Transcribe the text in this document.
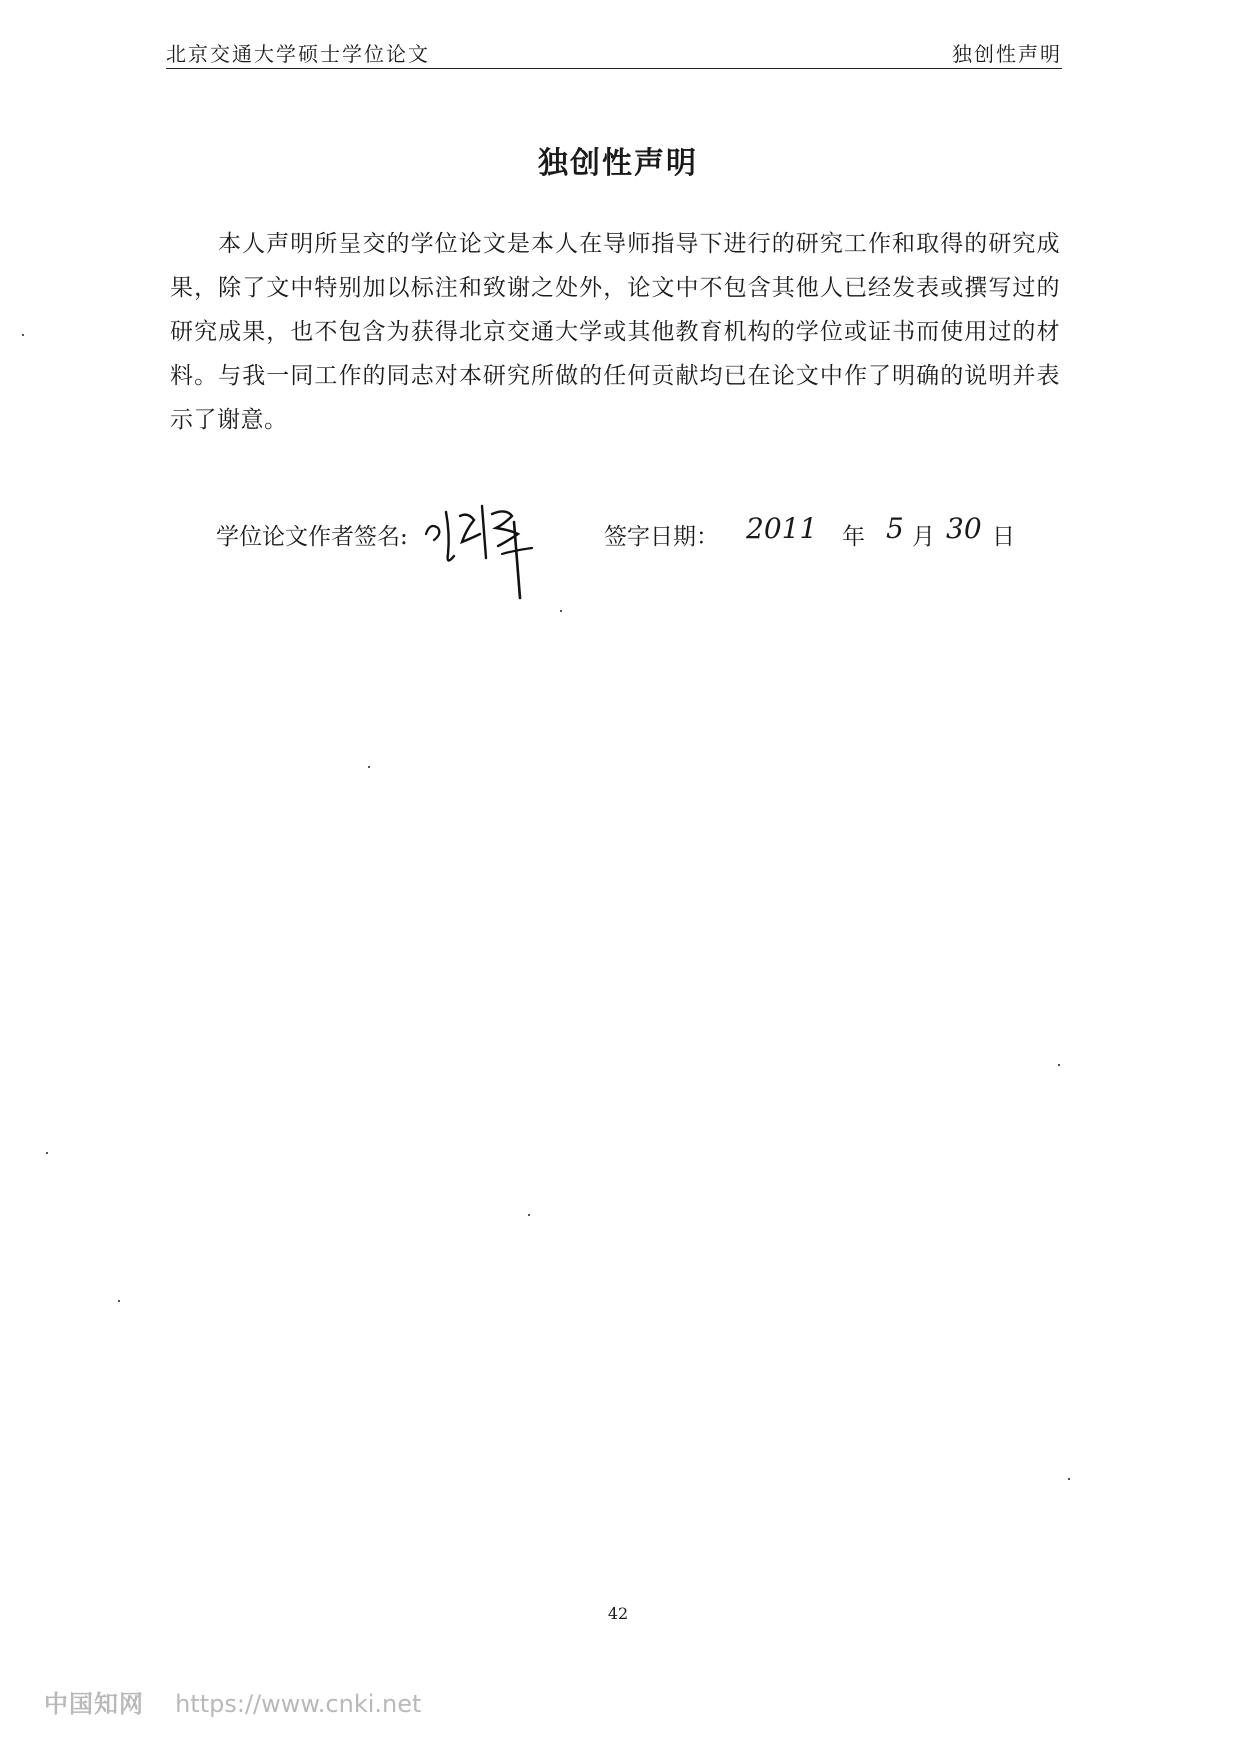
北京交通大学硕士学位论文	独创性声明
独创性声明
本人声明所呈交的学位论文是本人在导师指导下进行的研究工作和取得的研究成果，除了文中特别加以标注和致谢之处外，论文中不包含其他人已经发表或撰写过的研究成果，也不包含为获得北京交通大学或其他教育机构的学位或证书而使用过的材料。与我一同工作的同志对本研究所做的任何贡献均已在论文中作了明确的说明并表示了谢意。
学位论文作者签名:	签字日期： 2011 年 5 月 30 日
42
中国知网 https://www.cnki.net
